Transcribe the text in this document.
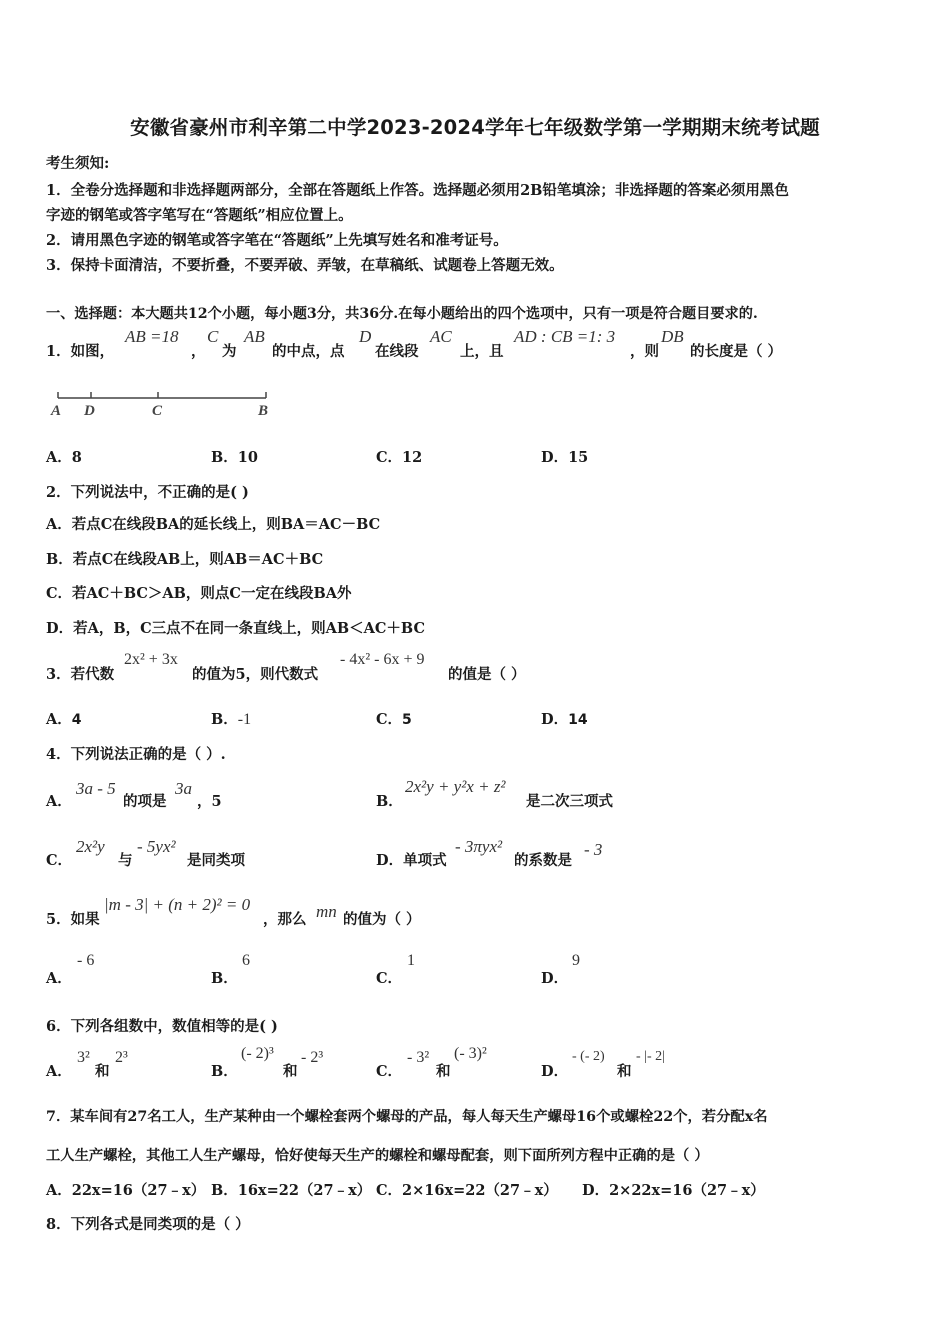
安徽省豪州市利辛第二中学2023-2024学年七年级数学第一学期期末统考试题
考生须知:
1．全卷分选择题和非选择题两部分，全部在答题纸上作答。选择题必须用2B铅笔填涂；非选择题的答案必须用黑色
字迹的钢笔或答字笔写在“答题纸”相应位置上。
2．请用黑色字迹的钢笔或答字笔在“答题纸”上先填写姓名和准考证号。
3．保持卡面清洁，不要折叠，不要弄破、弄皱，在草稿纸、试题卷上答题无效。
一、选择题：本大题共12个小题，每小题3分，共36分.在每小题给出的四个选项中，只有一项是符合题目要求的.
1．如图，
AB =18
，
C
为
AB
的中点，点
D
在线段
AC
上，且
AD : CB =1: 3
，则
DB
的长度是（ ）
A D	C	B
A．8	B．10	C．12	D．15
2．下列说法中，不正确的是( )
A．若点C在线段BA的延长线上，则BA＝AC－BC
B．若点C在线段AB上，则AB＝AC＋BC
C．若AC＋BC＞AB，则点C一定在线段BA外
D．若A，B，C三点不在同一条直线上，则AB＜AC＋BC
3．若代数
2x² + 3x
的值为5，则代数式
- 4x² - 6x + 9
的值是（ ）
A．4	B．-1	C．5	D．14
4．下列说法正确的是（ ）.
A．
3a - 5
的项是
3a
，5	B．
2x²y + y²x + z²
是二次三项式
C．
2x²y
与
- 5yx²
是同类项	D．单项式
- 3πyx²
的系数是
- 3
5．如果
|m - 3| + (n + 2)² = 0
，那么 mn 的值为（ ）
A．
- 6
B．
6
C．
1
D．
9
6．下列各组数中，数值相等的是( )
A．
3²
和
2³
B．
(- 2)³
和
- 2³
C．
- 3²
和
(- 3)²
D．
- (- 2)
和
- |- 2|
7．某车间有27名工人，生产某种由一个螺栓套两个螺母的产品，每人每天生产螺母16个或螺栓22个，若分配x名
工人生产螺栓，其他工人生产螺母，恰好使每天生产的螺栓和螺母配套，则下面所列方程中正确的是（ ）
A．22x=16（27﹣x） B．16x=22（27﹣x） C．2×16x=22（27﹣x） D．2×22x=16（27﹣x）
8．下列各式是同类项的是（ ）
